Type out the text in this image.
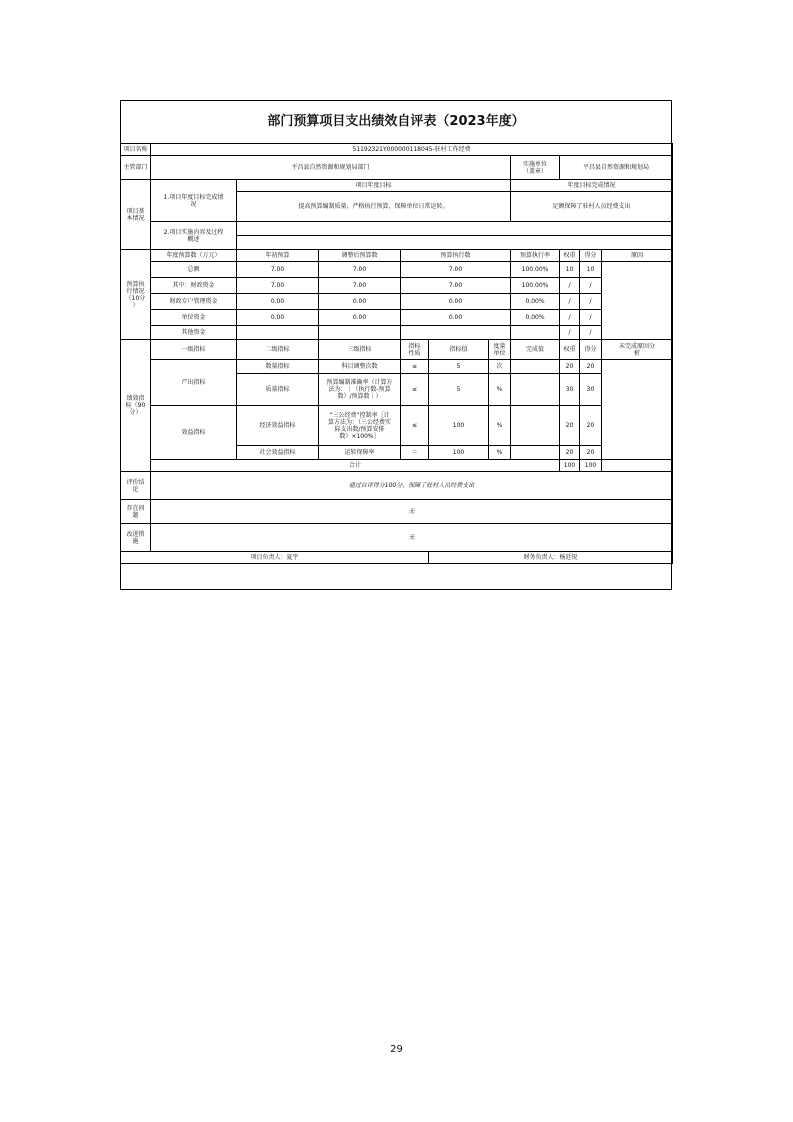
部门预算项目支出绩效自评表（2023年度）
项目名称	51192321Y000000118045-驻村工作经费									
主管部门	平昌县自然资源和规划局部门						实施单位
（盖章）	平昌县自然资源和规划局		
项目基
本情况	1.项目年度目标完成情
况	项目年度目标					年度目标完成情况			
		提高预算编制质量，严格执行预算，保障单位日常运转。					足额保障了驻村人员经费支出			
	2.项目实施内容及过程
概述									

预算执
行情况
（10分
）	年度预算数（万元）	年初预算	调整后预算数	预算执行数			预算执行率	权重	得分	原因
	总额	7.00	7.00	7.00			100.00%	10	10	
	其中：财政资金	7.00	7.00	7.00			100.00%	/	/	
	财政专户管理资金	0.00	0.00	0.00			0.00%	/	/	
	单位资金	0.00	0.00	0.00			0.00%	/	/	
	其他资金							/	/	
绩效指
标（90
分）	一级指标	二级指标	三级指标	指标
性质	指标值	度量
单位	完成值	权重	得分	未完成原因分
析
	产出指标	数量指标	科目调整次数	≤	5	次		20	20	
		质量指标	预算编制准确率（计算方
法为：｜（执行数-预算
数）/预算数｜）	≤	5	%		30	30	
	效益指标	经济效益指标	“三公经费”控制率［计
算方法为：（三公经费实
际支出数/预算安排
数）×100%］	≤	100	%		20	20	
		社会效益指标	运转保障率	＝	100	%		20	20	
	合计							100	100	
评价结
论	通过自评得分100分，保障了驻村人员经费支出									
存在问
题	无									
改进措
施	无									
项目负责人：夏宇					财务负责人：杨廷锐					
29
